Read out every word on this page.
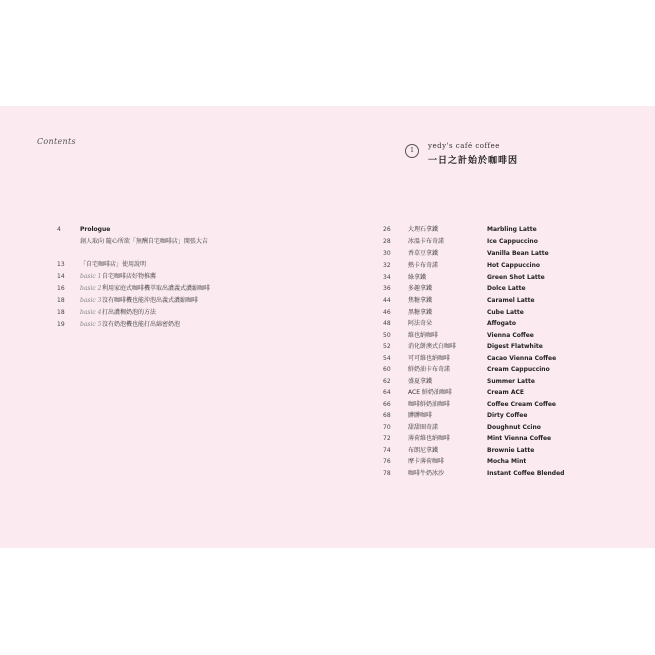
Contents
1
yedy's café coffee
一日之計始於咖啡因
4	Prologue
創人取向 隨心所欲「無酬自宅咖啡店」開張大吉
13	「自宅咖啡店」使用說明
14	basic 1 自宅咖啡店好物推薦
16	basic 2 利用家庭式咖啡機萃取出濃義式濃縮咖啡
18	basic 3 沒有咖啡機也能沖泡出義式濃縮咖啡
18	basic 4 打出濃稠奶泡的方法
19	basic 5 沒有奶泡機也能打出綿密奶泡
26	大理石拿鐵	Marbling Latte
28	冰溫卡布奇諾	Ice Cappuccino
30	香草豆拿鐵	Vanilla Bean Latte
32	熱卡布奇諾	Hot Cappuccino
34	綠拿鐵	Green Shot Latte
36	多趣拿鐵	Dolce Latte
44	焦糖拿鐵	Caramel Latte
46	黑糖拿鐵	Cube Latte
48	阿法奇朵	Affogato
50	維也納咖啡	Vienna Coffee
52	消化餅澳式白咖啡	Digest Flatwhite
54	可可維也納咖啡	Cacao Vienna Coffee
60	鮮奶油卡布奇諾	Cream Cappuccino
62	盛夏拿鐵	Summer Latte
64	ACE 鮮奶油咖啡	Cream ACE
66	咖啡鮮奶油咖啡	Coffee Cream Coffee
68	髒髒咖啡	Dirty Coffee
70	甜甜圈奇諾	Doughnut Ccino
72	薄荷維也納咖啡	Mint Vienna Coffee
74	布朗尼拿鐵	Brownie Latte
76	摩卡薄荷咖啡	Mocha Mint
78	咖啡牛奶冰沙	Instant Coffee Blended
